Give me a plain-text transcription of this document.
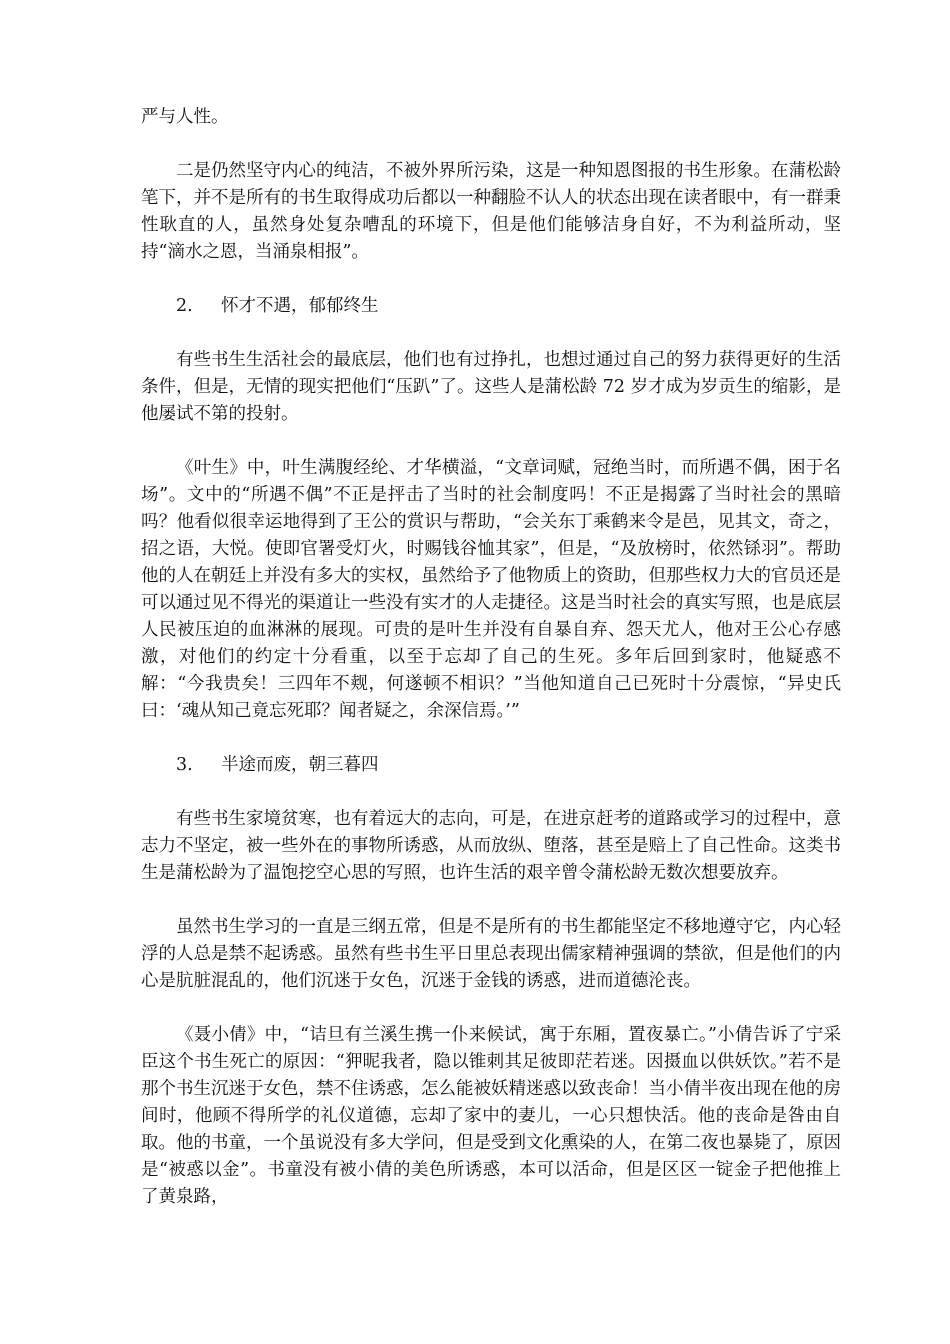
严与人性。

二是仍然坚守内心的纯洁，不被外界所污染，这是一种知恩图报的书生形象。在蒲松龄笔下，并不是所有的书生取得成功后都以一种翻脸不认人的状态出现在读者眼中，有一群秉性耿直的人，虽然身处复杂嘈乱的环境下，但是他们能够洁身自好，不为利益所动，坚持“滴水之恩，当涌泉相报”。

2. 怀才不遇，郁郁终生

有些书生生活社会的最底层，他们也有过挣扎，也想过通过自己的努力获得更好的生活条件，但是，无情的现实把他们“压趴”了。这些人是蒲松龄 72 岁才成为岁贡生的缩影，是他屡试不第的投射。

《叶生》中，叶生满腹经纶、才华横溢，“文章词赋，冠绝当时，而所遇不偶，困于名场”。文中的“所遇不偶”不正是抨击了当时的社会制度吗！不正是揭露了当时社会的黑暗吗？他看似很幸运地得到了王公的赏识与帮助，“会关东丁乘鹤来令是邑，见其文，奇之，招之语，大悦。使即官署受灯火，时赐钱谷恤其家”，但是，“及放榜时，依然铩羽”。帮助他的人在朝廷上并没有多大的实权，虽然给予了他物质上的资助，但那些权力大的官员还是可以通过见不得光的渠道让一些没有实才的人走捷径。这是当时社会的真实写照，也是底层人民被压迫的血淋淋的展现。可贵的是叶生并没有自暴自弃、怨天尤人，他对王公心存感激，对他们的约定十分看重，以至于忘却了自己的生死。多年后回到家时，他疑惑不解：“今我贵矣！三四年不觌，何遂顿不相识？”当他知道自己已死时十分震惊，“异史氏曰：‘魂从知己竟忘死耶？闻者疑之，余深信焉。’”

3. 半途而废，朝三暮四

有些书生家境贫寒，也有着远大的志向，可是，在进京赶考的道路或学习的过程中，意志力不坚定，被一些外在的事物所诱惑，从而放纵、堕落，甚至是赔上了自己性命。这类书生是蒲松龄为了温饱挖空心思的写照，也许生活的艰辛曾令蒲松龄无数次想要放弃。

虽然书生学习的一直是三纲五常，但是不是所有的书生都能坚定不移地遵守它，内心轻浮的人总是禁不起诱惑。虽然有些书生平日里总表现出儒家精神强调的禁欲，但是他们的内心是肮脏混乱的，他们沉迷于女色，沉迷于金钱的诱惑，进而道德沦丧。

《聂小倩》中，“诘旦有兰溪生携一仆来候试，寓于东厢，置夜暴亡。”小倩告诉了宁采臣这个书生死亡的原因：“狎昵我者，隐以锥刺其足彼即茫若迷。因摄血以供妖饮。”若不是那个书生沉迷于女色，禁不住诱惑，怎么能被妖精迷惑以致丧命！当小倩半夜出现在他的房间时，他顾不得所学的礼仪道德，忘却了家中的妻儿，一心只想快活。他的丧命是咎由自取。他的书童，一个虽说没有多大学问，但是受到文化熏染的人，在第二夜也暴毙了，原因是“被惑以金”。书童没有被小倩的美色所诱惑，本可以活命，但是区区一锭金子把他推上了黄泉路，
